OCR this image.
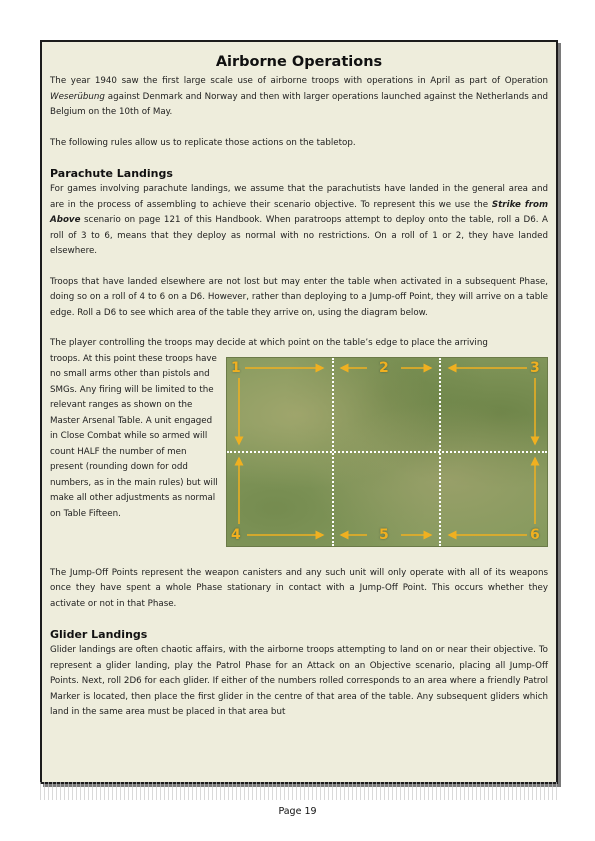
Airborne Operations

The year 1940 saw the first large scale use of airborne troops with operations in April as part of Operation Weserübung against Denmark and Norway and then with larger operations launched against the Netherlands and Belgium on the 10th of May.

The following rules allow us to replicate those actions on the tabletop.

Parachute Landings

For games involving parachute landings, we assume that the parachutists have landed in the general area and are in the process of assembling to achieve their scenario objective. To represent this we use the Strike from Above scenario on page 121 of this Handbook. When paratroops attempt to deploy onto the table, roll a D6. A roll of 3 to 6, means that they deploy as normal with no restrictions. On a roll of 1 or 2, they have landed elsewhere.

Troops that have landed elsewhere are not lost but may enter the table when activated in a subsequent Phase, doing so on a roll of 4 to 6 on a D6. However, rather than deploying to a Jump-off Point, they will arrive on a table edge. Roll a D6 to see which area of the table they arrive on, using the diagram below.

The player controlling the troops may decide at which point on the table’s edge to place the arriving

1	2	3
4	5	6

troops. At this point these troops have no small arms other than pistols and SMGs. Any firing will be limited to the relevant ranges as shown on the Master Arsenal Table. A unit engaged in Close Combat while so armed will count HALF the number of men present (rounding down for odd numbers, as in the main rules) but will make all other adjustments as normal on Table Fifteen.

The Jump-Off Points represent the weapon canisters and any such unit will only operate with all of its weapons once they have spent a whole Phase stationary in contact with a Jump-Off Point. This occurs whether they activate or not in that Phase.

Glider Landings

Glider landings are often chaotic affairs, with the airborne troops attempting to land on or near their objective. To represent a glider landing, play the Patrol Phase for an Attack on an Objective scenario, placing all Jump-Off Points. Next, roll 2D6 for each glider. If either of the numbers rolled corresponds to an area where a friendly Patrol Marker is located, then place the first glider in the centre of that area of the table. Any subsequent gliders which land in the same area must be placed in that area but

Page 19
